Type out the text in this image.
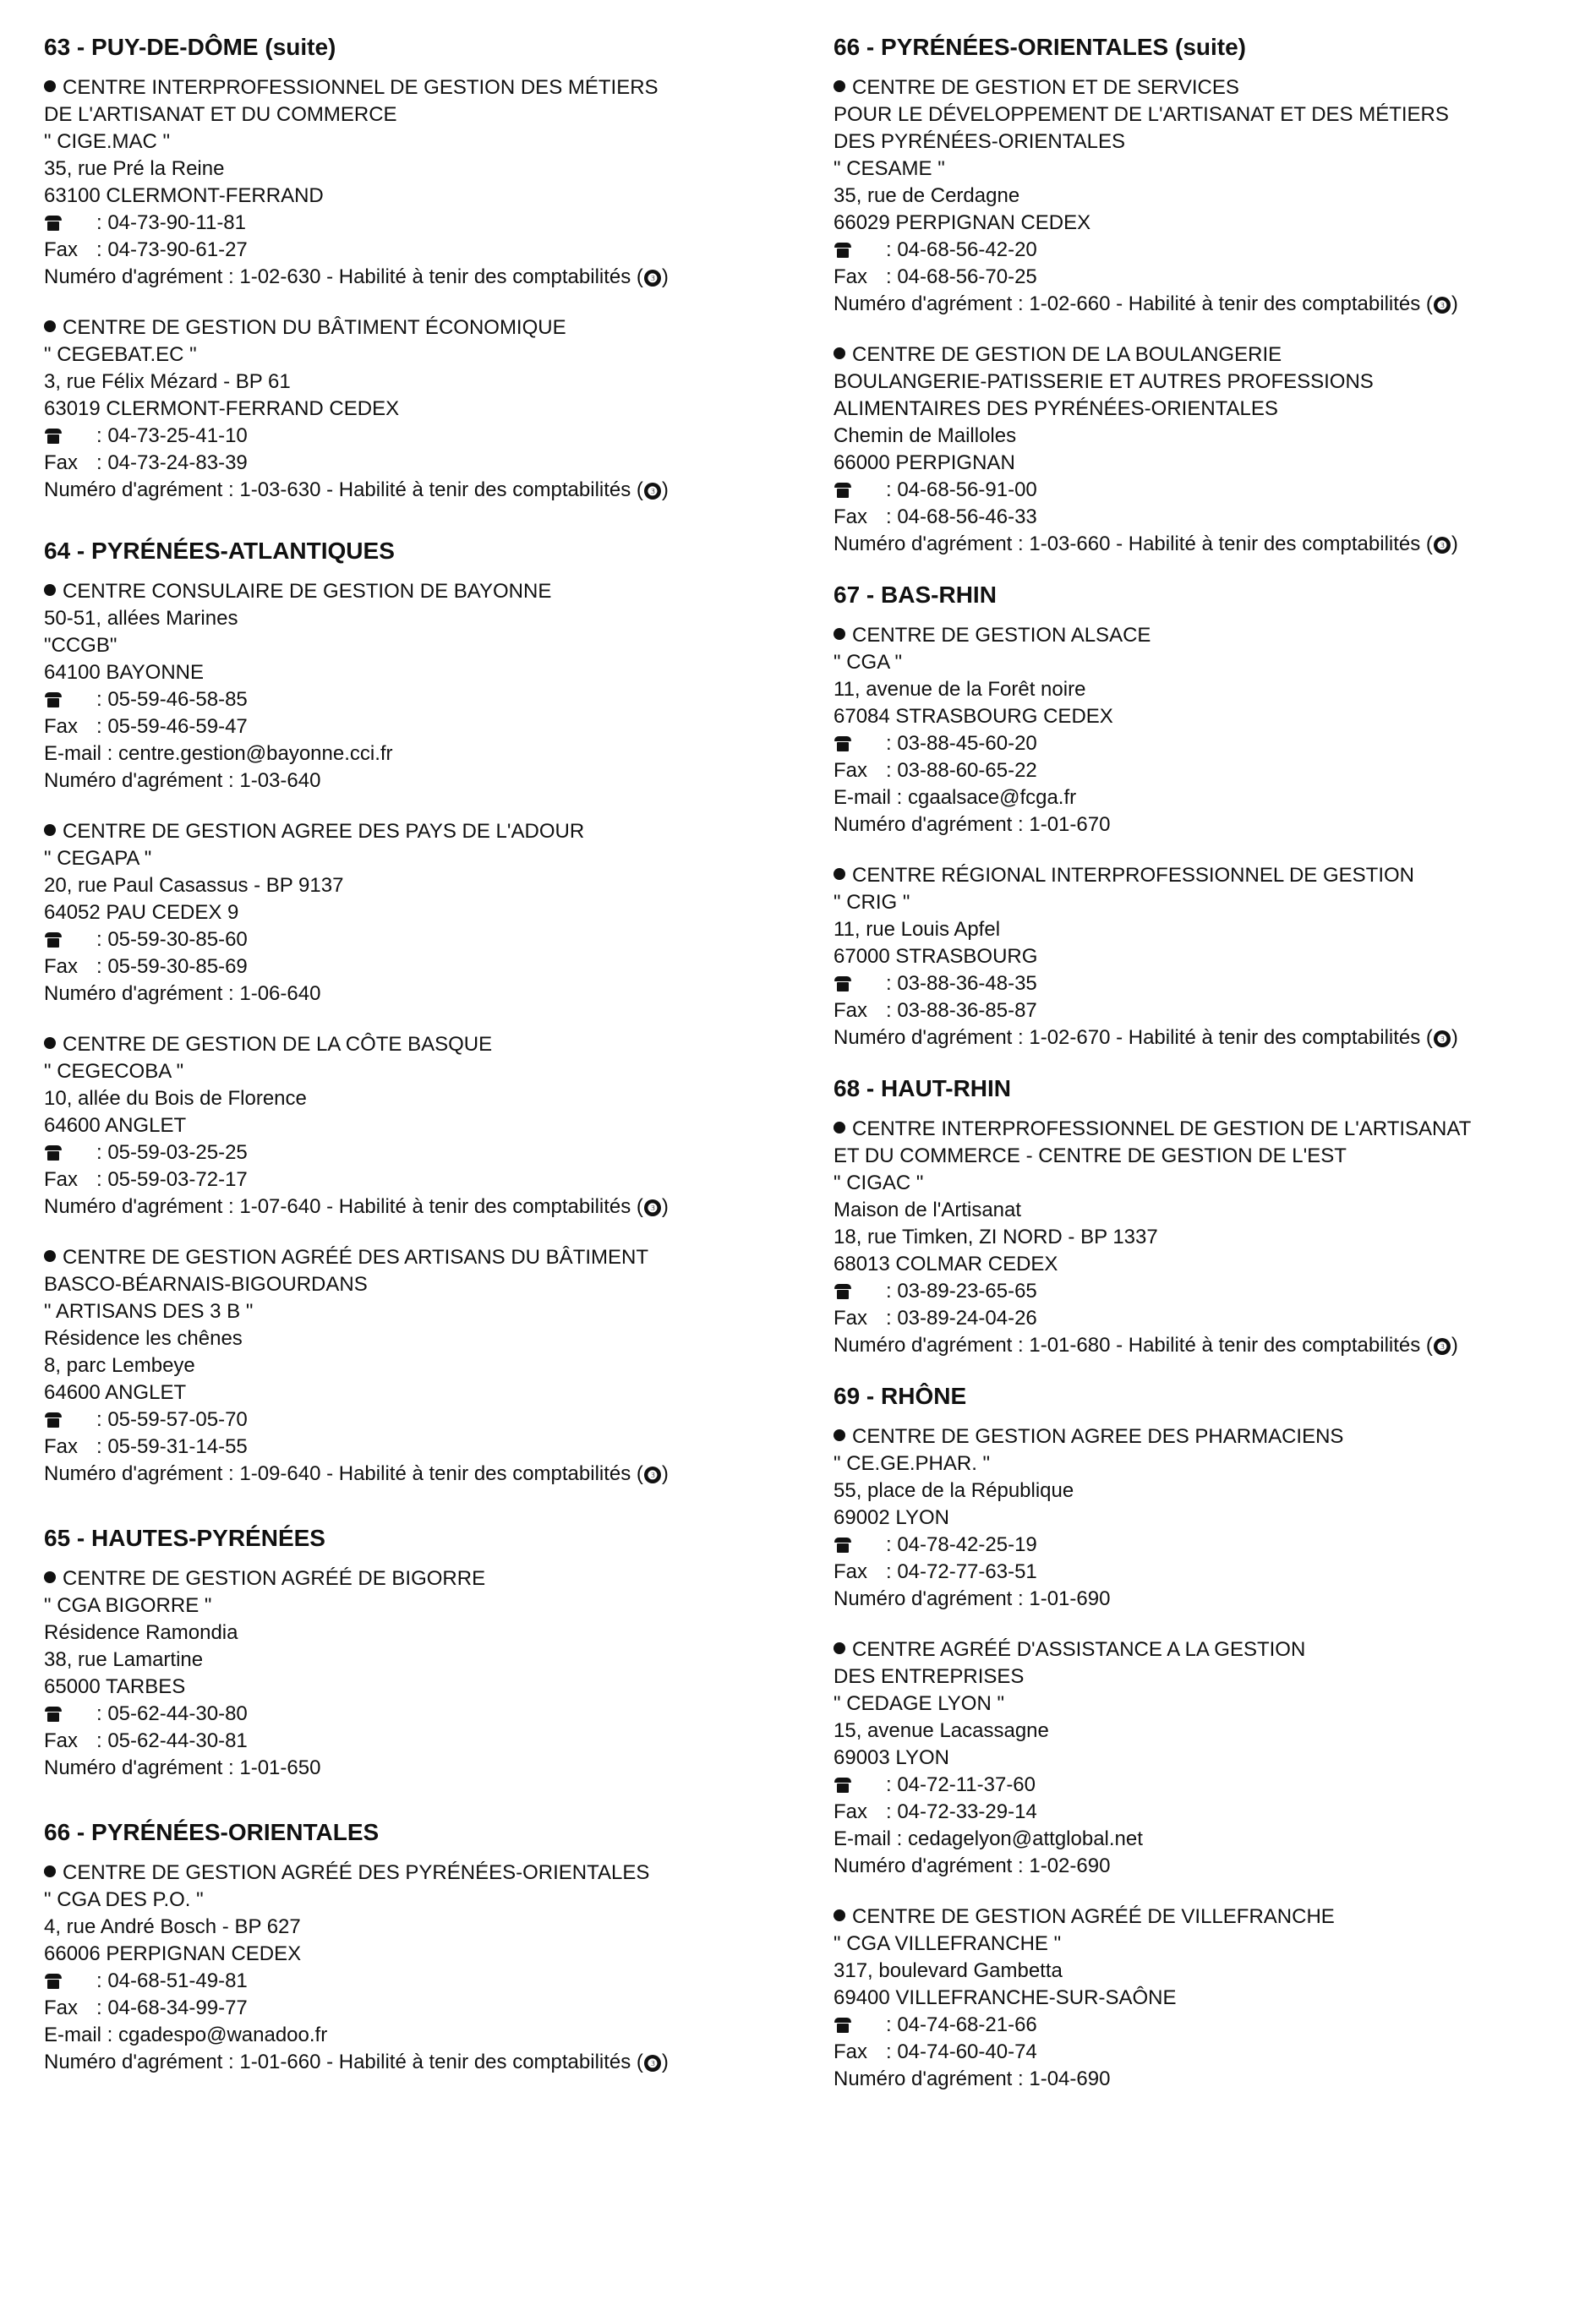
63 - PUY-DE-DÔME (suite)
CENTRE INTERPROFESSIONNEL DE GESTION DES MÉTIERS
DE L'ARTISANAT ET DU COMMERCE
" CIGE.MAC "
35, rue Pré la Reine
63100 CLERMONT-FERRAND
: 04-73-90-11-81
Fax : 04-73-90-61-27
Numéro d'agrément : 1-02-630 - Habilité à tenir des comptabilités ( ❸ )
CENTRE DE GESTION DU BÂTIMENT ÉCONOMIQUE
" CEGEBAT.EC "
3, rue Félix Mézard - BP 61
63019 CLERMONT-FERRAND CEDEX
: 04-73-25-41-10
Fax : 04-73-24-83-39
Numéro d'agrément : 1-03-630 - Habilité à tenir des comptabilités ( ❸ )
64 - PYRÉNÉES-ATLANTIQUES
CENTRE CONSULAIRE DE GESTION DE BAYONNE
50-51, allées Marines
"CCGB"
64100 BAYONNE
: 05-59-46-58-85
Fax : 05-59-46-59-47
E-mail : centre.gestion@bayonne.cci.fr
Numéro d'agrément : 1-03-640
CENTRE DE GESTION AGREE DES PAYS DE L'ADOUR
" CEGAPA "
20, rue Paul Casassus - BP 9137
64052 PAU CEDEX 9
: 05-59-30-85-60
Fax : 05-59-30-85-69
Numéro d'agrément : 1-06-640
CENTRE DE GESTION DE LA CÔTE BASQUE
" CEGECOBA "
10, allée du Bois de Florence
64600 ANGLET
: 05-59-03-25-25
Fax : 05-59-03-72-17
Numéro d'agrément : 1-07-640 - Habilité à tenir des comptabilités ( ❸ )
CENTRE DE GESTION AGRÉÉ DES ARTISANS DU BÂTIMENT
BASCO-BÉARNAIS-BIGOURDANS
" ARTISANS DES 3 B "
Résidence les chênes
8, parc Lembeye
64600 ANGLET
: 05-59-57-05-70
Fax : 05-59-31-14-55
Numéro d'agrément : 1-09-640 - Habilité à tenir des comptabilités ( ❸ )
65 - HAUTES-PYRÉNÉES
CENTRE DE GESTION AGRÉÉ DE BIGORRE
" CGA BIGORRE "
Résidence Ramondia
38, rue Lamartine
65000 TARBES
: 05-62-44-30-80
Fax : 05-62-44-30-81
Numéro d'agrément : 1-01-650
66 - PYRÉNÉES-ORIENTALES
CENTRE DE GESTION AGRÉÉ DES PYRÉNÉES-ORIENTALES
" CGA DES P.O. "
4, rue André Bosch - BP 627
66006 PERPIGNAN CEDEX
: 04-68-51-49-81
Fax : 04-68-34-99-77
E-mail : cgadespo@wanadoo.fr
Numéro d'agrément : 1-01-660 - Habilité à tenir des comptabilités ( ❸ )
66 - PYRÉNÉES-ORIENTALES (suite)
CENTRE DE GESTION ET DE SERVICES
POUR LE DÉVELOPPEMENT DE L'ARTISANAT ET DES MÉTIERS
DES PYRÉNÉES-ORIENTALES
" CESAME "
35, rue de Cerdagne
66029 PERPIGNAN CEDEX
: 04-68-56-42-20
Fax : 04-68-56-70-25
Numéro d'agrément : 1-02-660 - Habilité à tenir des comptabilités ( ❸ )
CENTRE DE GESTION DE LA BOULANGERIE
BOULANGERIE-PATISSERIE ET AUTRES PROFESSIONS
ALIMENTAIRES DES PYRÉNÉES-ORIENTALES
Chemin de Mailloles
66000 PERPIGNAN
: 04-68-56-91-00
Fax : 04-68-56-46-33
Numéro d'agrément : 1-03-660 - Habilité à tenir des comptabilités ( ❸ )
67 - BAS-RHIN
CENTRE DE GESTION ALSACE
" CGA "
11, avenue de la Forêt noire
67084 STRASBOURG CEDEX
: 03-88-45-60-20
Fax : 03-88-60-65-22
E-mail : cgaalsace@fcga.fr
Numéro d'agrément : 1-01-670
CENTRE RÉGIONAL INTERPROFESSIONNEL DE GESTION
" CRIG "
11, rue Louis Apfel
67000 STRASBOURG
: 03-88-36-48-35
Fax : 03-88-36-85-87
Numéro d'agrément : 1-02-670 - Habilité à tenir des comptabilités ( ❸ )
68 - HAUT-RHIN
CENTRE INTERPROFESSIONNEL DE GESTION DE L'ARTISANAT
ET DU COMMERCE - CENTRE DE GESTION DE L'EST
" CIGAC "
Maison de l'Artisanat
18, rue Timken, ZI NORD - BP 1337
68013 COLMAR CEDEX
: 03-89-23-65-65
Fax : 03-89-24-04-26
Numéro d'agrément : 1-01-680 - Habilité à tenir des comptabilités ( ❸ )
69 - RHÔNE
CENTRE DE GESTION AGREE DES PHARMACIENS
" CE.GE.PHAR. "
55, place de la République
69002 LYON
: 04-78-42-25-19
Fax : 04-72-77-63-51
Numéro d'agrément : 1-01-690
CENTRE AGRÉÉ D'ASSISTANCE A LA GESTION
DES ENTREPRISES
" CEDAGE LYON "
15, avenue Lacassagne
69003 LYON
: 04-72-11-37-60
Fax : 04-72-33-29-14
E-mail : cedagelyon@attglobal.net
Numéro d'agrément : 1-02-690
CENTRE DE GESTION AGRÉÉ DE VILLEFRANCHE
" CGA VILLEFRANCHE "
317, boulevard Gambetta
69400 VILLEFRANCHE-SUR-SAÔNE
: 04-74-68-21-66
Fax : 04-74-60-40-74
Numéro d'agrément : 1-04-690
